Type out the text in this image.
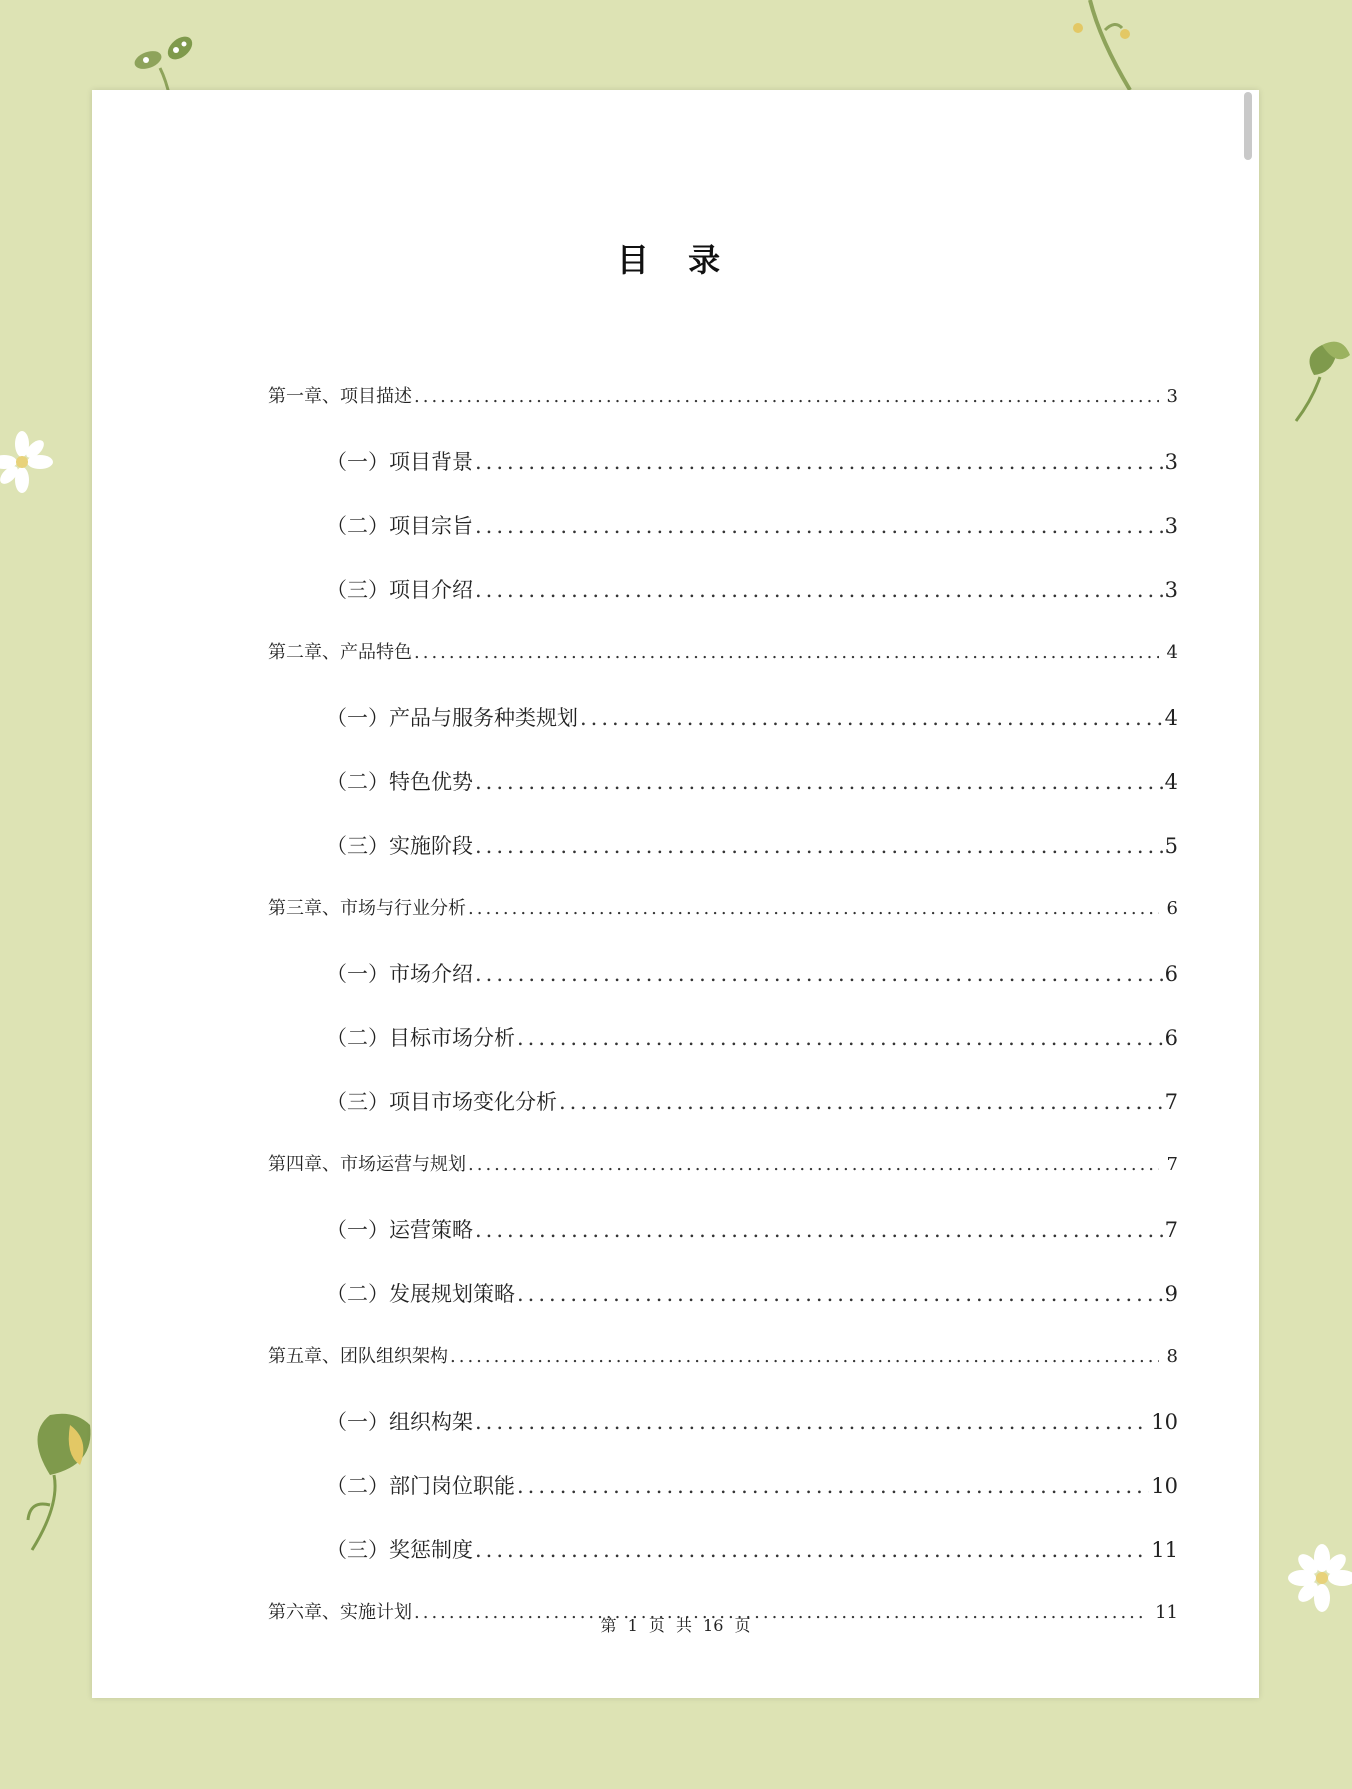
目 录
第一章、项目描述 .....	3
（一）项目背景 .....	3
（二）项目宗旨 .....	3
（三）项目介绍 .....	3
第二章、产品特色 .....	4
（一）产品与服务种类规划 .....	4
（二）特色优势 .....	4
（三）实施阶段 .....	5
第三章、市场与行业分析 .....	6
（一）市场介绍 .....	6
（二）目标市场分析 .....	6
（三）项目市场变化分析 .....	7
第四章、市场运营与规划 .....	7
（一）运营策略 .....	7
（二）发展规划策略 .....	9
第五章、团队组织架构 .....	8
（一）组织构架 .....	10
（二）部门岗位职能 .....	10
（三）奖惩制度 .....	11
第六章、实施计划 .....	11
第 1 页 共 16 页
